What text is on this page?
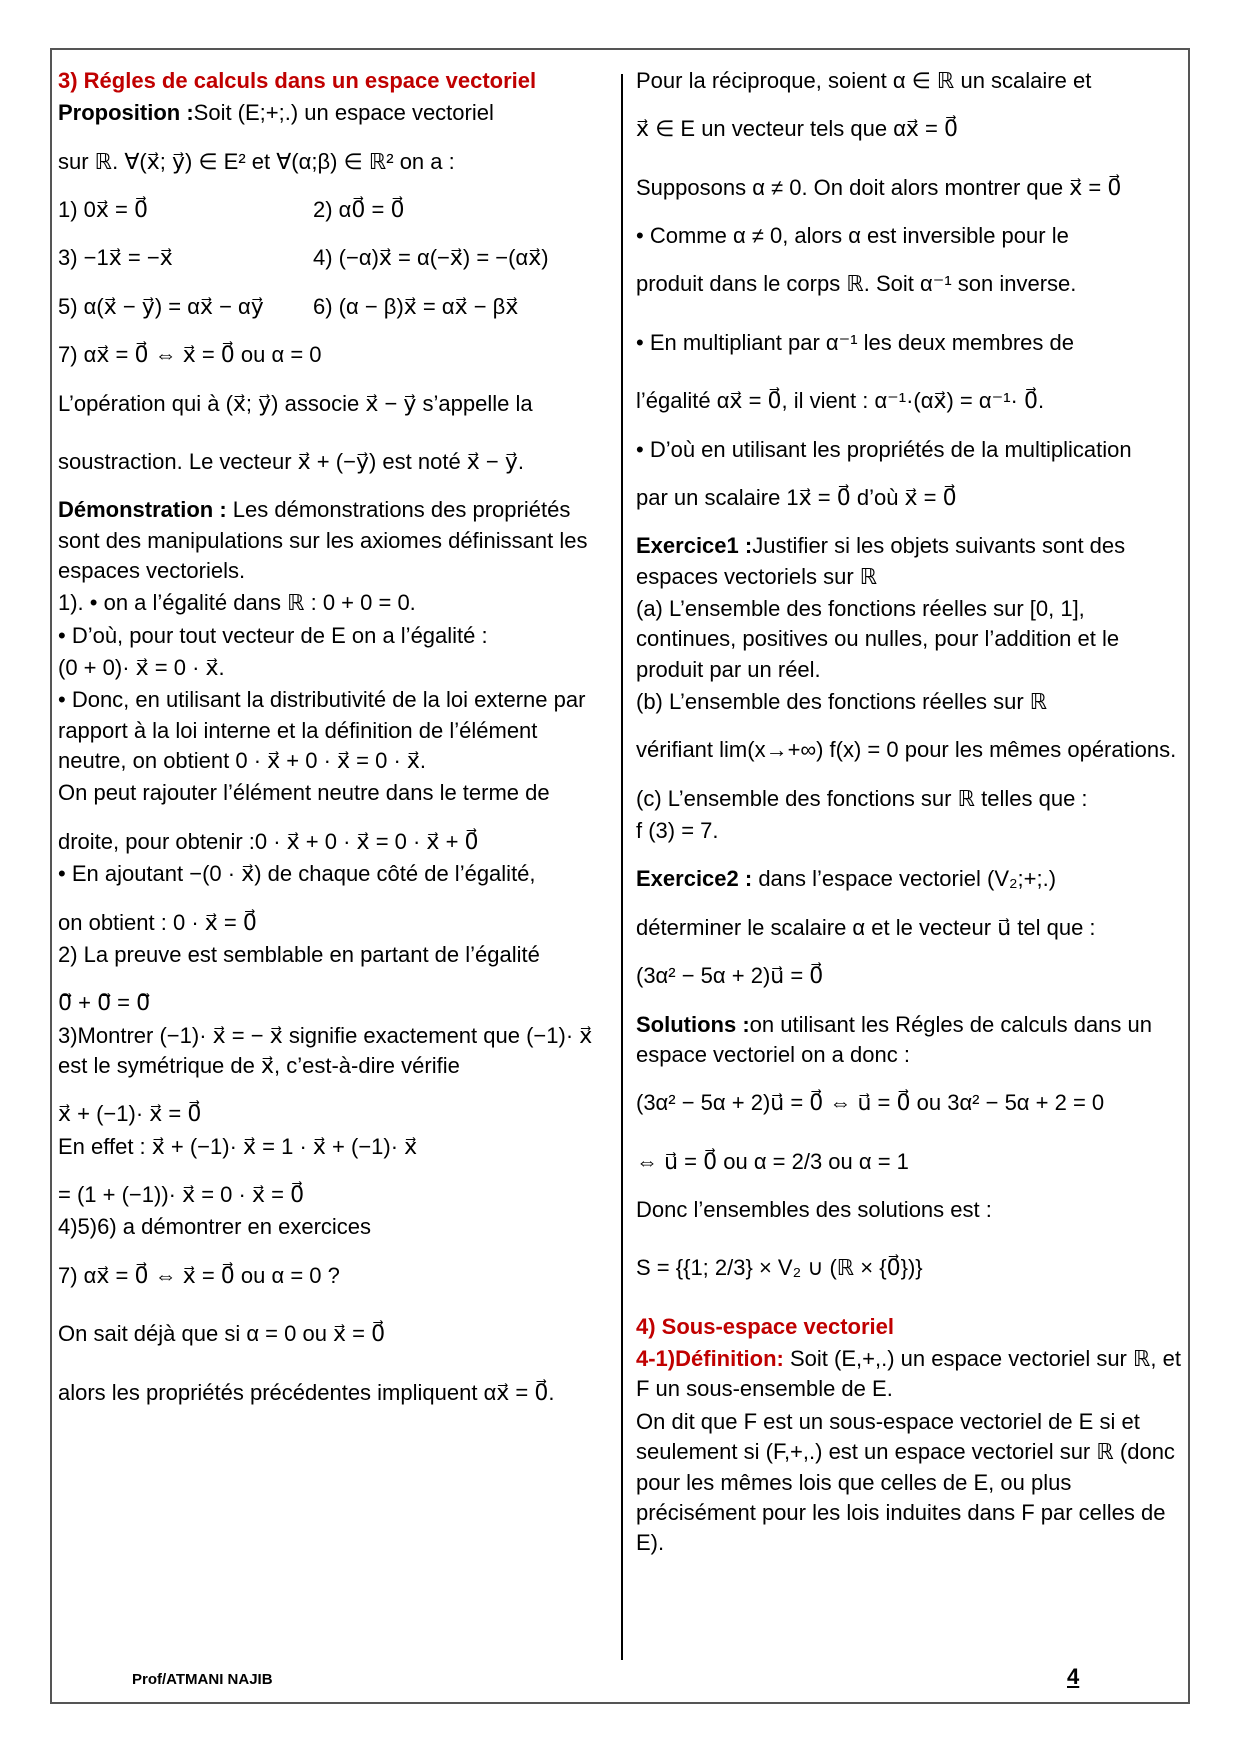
3) Régles de calculs dans un espace vectoriel

Proposition :Soit (E;+;.) un espace vectoriel

sur ℝ. ∀(x⃗; y⃗) ∈ E² et ∀(α;β) ∈ ℝ² on a :

1) 0x⃗ = 0⃗	2) α0⃗ = 0⃗

3) −1x⃗ = −x⃗	4) (−α)x⃗ = α(−x⃗) = −(αx⃗)

5) α(x⃗ − y⃗) = αx⃗ − αy⃗	6) (α − β)x⃗ = αx⃗ − βx⃗

7) αx⃗ = 0⃗ ⇔ x⃗ = 0⃗ ou α = 0

L’opération qui à (x⃗; y⃗) associe x⃗ − y⃗ s’appelle la

soustraction. Le vecteur x⃗ + (−y⃗) est noté x⃗ − y⃗.

Démonstration : Les démonstrations des propriétés sont des manipulations sur les axiomes définissant les espaces vectoriels.

1). • on a l’égalité dans ℝ : 0 + 0 = 0.

• D’où, pour tout vecteur de E on a l’égalité :

(0 + 0)· x⃗ = 0 · x⃗.

• Donc, en utilisant la distributivité de la loi externe par rapport à la loi interne et la définition de l’élément neutre, on obtient 0 · x⃗ + 0 · x⃗ = 0 · x⃗.

On peut rajouter l’élément neutre dans le terme de

droite, pour obtenir :0 · x⃗ + 0 · x⃗ = 0 · x⃗ + 0⃗

• En ajoutant −(0 · x⃗) de chaque côté de l’égalité,

on obtient : 0 · x⃗ = 0⃗

2) La preuve est semblable en partant de l’égalité

0⃗ + 0⃗ = 0⃗

3)Montrer (−1)· x⃗ = − x⃗ signifie exactement que (−1)· x⃗ est le symétrique de x⃗, c’est-à-dire vérifie

x⃗ + (−1)· x⃗ = 0⃗

En effet : x⃗ + (−1)· x⃗ = 1 · x⃗ + (−1)· x⃗

= (1 + (−1))· x⃗ = 0 · x⃗ = 0⃗

4)5)6) a démontrer en exercices

7) αx⃗ = 0⃗ ⇔ x⃗ = 0⃗ ou α = 0 ?

On sait déjà que si α = 0 ou x⃗ = 0⃗

alors les propriétés précédentes impliquent αx⃗ = 0⃗.

Pour la réciproque, soient α ∈ ℝ un scalaire et

x⃗ ∈ E un vecteur tels que αx⃗ = 0⃗

Supposons α ≠ 0. On doit alors montrer que x⃗ = 0⃗

• Comme α ≠ 0, alors α est inversible pour le

produit dans le corps ℝ. Soit α⁻¹ son inverse.

• En multipliant par α⁻¹ les deux membres de

l’égalité αx⃗ = 0⃗, il vient : α⁻¹·(αx⃗) = α⁻¹· 0⃗.

• D’où en utilisant les propriétés de la multiplication

par un scalaire 1x⃗ = 0⃗ d’où x⃗ = 0⃗

Exercice1 :Justifier si les objets suivants sont des espaces vectoriels sur ℝ

(a) L’ensemble des fonctions réelles sur [0, 1], continues, positives ou nulles, pour l’addition et le produit par un réel.

(b) L’ensemble des fonctions réelles sur ℝ

vérifiant lim(x→+∞) f(x) = 0 pour les mêmes opérations.

(c) L’ensemble des fonctions sur ℝ telles que :

f (3) = 7.

Exercice2 : dans l’espace vectoriel (V₂;+;.)

déterminer le scalaire α et le vecteur u⃗ tel que :

(3α² − 5α + 2)u⃗ = 0⃗

Solutions :on utilisant les Régles de calculs dans un espace vectoriel on a donc :

(3α² − 5α + 2)u⃗ = 0⃗ ⇔ u⃗ = 0⃗ ou 3α² − 5α + 2 = 0

⇔ u⃗ = 0⃗ ou α = 2/3 ou α = 1

Donc l’ensembles des solutions est :

S = {{1; 2/3} × V₂ ∪ (ℝ × {0⃗})}

4) Sous-espace vectoriel

4-1)Définition: Soit (E,+,.) un espace vectoriel sur ℝ, et F un sous-ensemble de E.

On dit que F est un sous-espace vectoriel de E si et seulement si (F,+,.) est un espace vectoriel sur ℝ (donc pour les mêmes lois que celles de E, ou plus précisément pour les lois induites dans F par celles de E).

Prof/ATMANI NAJIB	4
